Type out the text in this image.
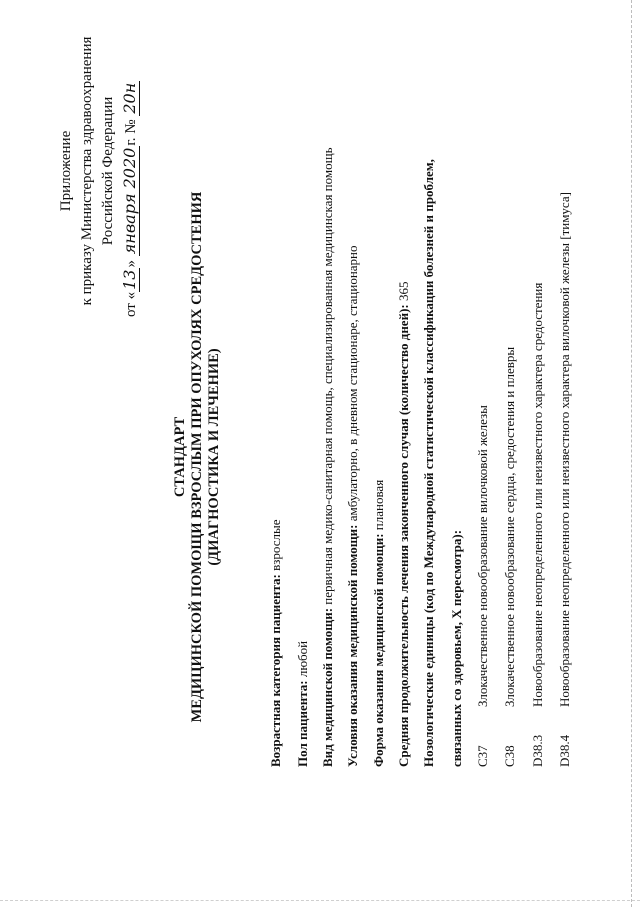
Приложение к приказу Министерства здравоохранения Российской Федерации
от «13» января 2020г. № 20н
СТАНДАРТ МЕДИЦИНСКОЙ ПОМОЩИ ВЗРОСЛЫМ ПРИ ОПУХОЛЯХ СРЕДОСТЕНИЯ (ДИАГНОСТИКА И ЛЕЧЕНИЕ)
Возрастная категория пациента: взрослые
Пол пациента: любой Вид медицинской помощи: первичная медико-санитарная помощь, специализированная медицинская помощь
Условия оказания медицинской помощи: амбулаторно, в дневном стационаре, стационарно
Форма оказания медицинской помощи: плановая Средняя продолжительность лечения законченного случая (количество дней): 365 Нозологические единицы (код по Международной статистической классификации болезней и проблем, связанных со здоровьем, X пересмотра): C37
Злокачественное новообразование вилочковой железы
C38
Злокачественное новообразование сердца, средостения и плевры
D38.3
Новообразование неопределенного или неизвестного характера средостения
D38.4
Новообразование неопределенного или неизвестного характера вилочковой железы [тимуса]
